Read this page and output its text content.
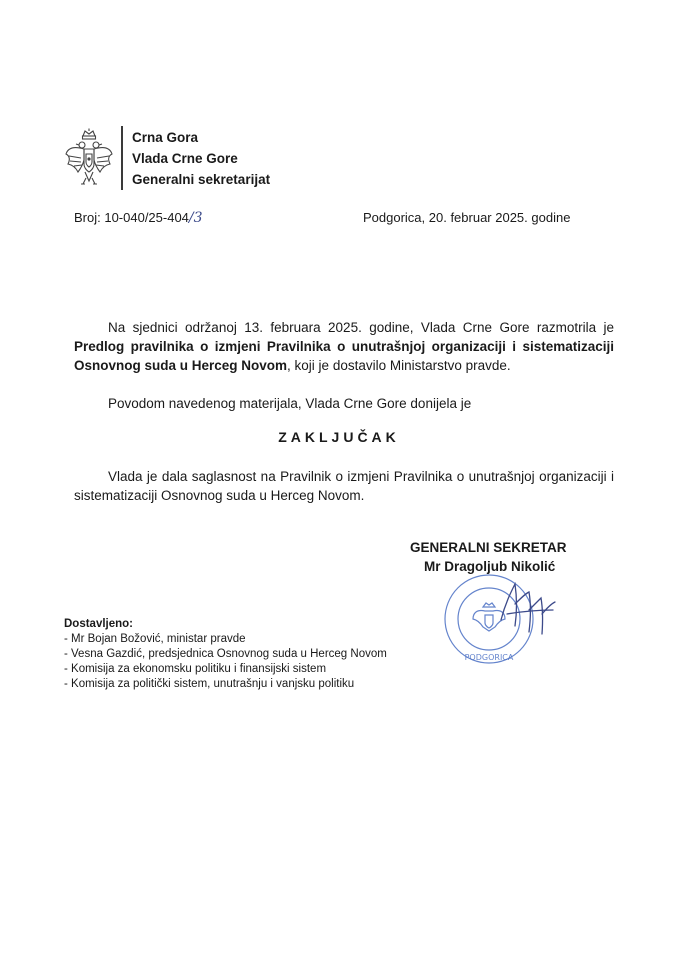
Crna Gora
Vlada Crne Gore
Generalni sekretarijat
Broj: 10-040/25-404/3	Podgorica, 20. februar 2025. godine
Na sjednici održanoj 13. februara 2025. godine, Vlada Crne Gore razmotrila je Predlog pravilnika o izmjeni Pravilnika o unutrašnjoj organizaciji i sistematizaciji Osnovnog suda u Herceg Novom, koji je dostavilo Ministarstvo pravde.
Povodom navedenog materijala, Vlada Crne Gore donijela je
ZAKLJUČAK
Vlada je dala saglasnost na Pravilnik o izmjeni Pravilnika o unutrašnjoj organizaciji i sistematizaciji Osnovnog suda u Herceg Novom.
PODGORICA
GENERALNI SEKRETAR
Mr Dragoljub Nikolić
Dostavljeno:
- Mr Bojan Božović, ministar pravde
- Vesna Gazdić, predsjednica Osnovnog suda u Herceg Novom
- Komisija za ekonomsku politiku i finansijski sistem
- Komisija za politički sistem, unutrašnju i vanjsku politiku
